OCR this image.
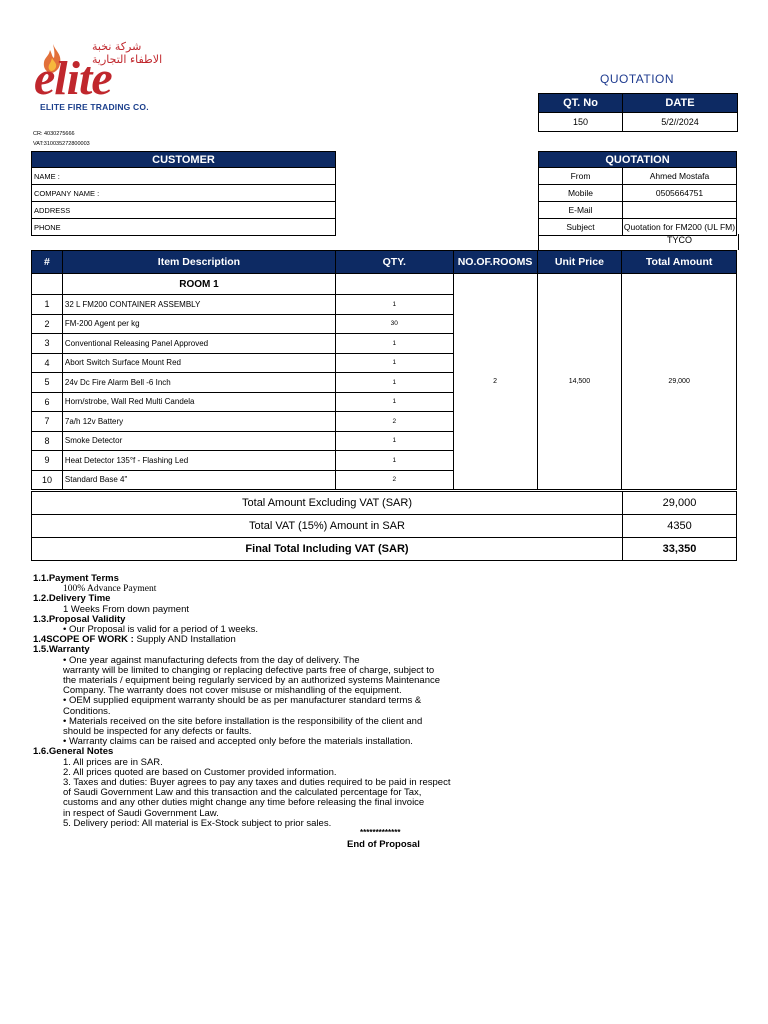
شركة نخبة الاطفاء التجارية
elite
ELITE FIRE TRADING CO.
CR: 4030275666
VAT:310035272800003
QUOTATION
QT. No	DATE
150	5/2//2024
CUSTOMER
NAME :
COMPANY NAME :
ADDRESS
PHONE
QUOTATION	
From	Ahmed Mostafa
Mobile	0505664751
E-Mail	
Subject	Quotation for FM200 (UL FM)
TYCO
#	Item Description	QTY.	NO.OF.ROOMS	Unit Price	Total Amount
	ROOM 1		2	14,500	29,000
1	32 L FM200 CONTAINER ASSEMBLY	1			
2	FM-200 Agent per kg	30			
3	Conventional Releasing Panel Approved	1			
4	Abort Switch Surface Mount Red	1			
5	24v Dc Fire Alarm Bell -6 Inch	1			
6	Horn/strobe, Wall Red Multi Candela	1			
7	7a/h 12v Battery	2			
8	Smoke Detector	1			
9	Heat Detector 135°f - Flashing Led	1			
10	Standard Base 4"	2			
Total Amount Excluding VAT (SAR)	29,000
Total VAT (15%) Amount in SAR	4350
Final Total Including VAT (SAR)	33,350
1.1.Payment Terms
100% Advance Payment
1.2.Delivery Time
1 Weeks From down payment
1.3.Proposal Validity
• Our Proposal is valid for a period of 1 weeks.
1.4SCOPE OF WORK : Supply AND Installation
1.5.Warranty
• One year against manufacturing defects from the day of delivery. The
warranty will be limited to changing or replacing defective parts free of charge, subject to
the materials / equipment being regularly serviced by an authorized systems Maintenance
Company. The warranty does not cover misuse or mishandling of the equipment.
• OEM supplied equipment warranty should be as per manufacturer standard terms &
Conditions.
• Materials received on the site before installation is the responsibility of the client and
should be inspected for any defects or faults.
• Warranty claims can be raised and accepted only before the materials installation.
1.6.General Notes
1. All prices are in SAR.
2. All prices quoted are based on Customer provided information.
3. Taxes and duties: Buyer agrees to pay any taxes and duties required to be paid in respect
of Saudi Government Law and this transaction and the calculated percentage for Tax,
customs and any other duties might change any time before releasing the final invoice
in respect of Saudi Government Law.
5. Delivery period: All material is Ex-Stock subject to prior sales.
*************
End of Proposal
